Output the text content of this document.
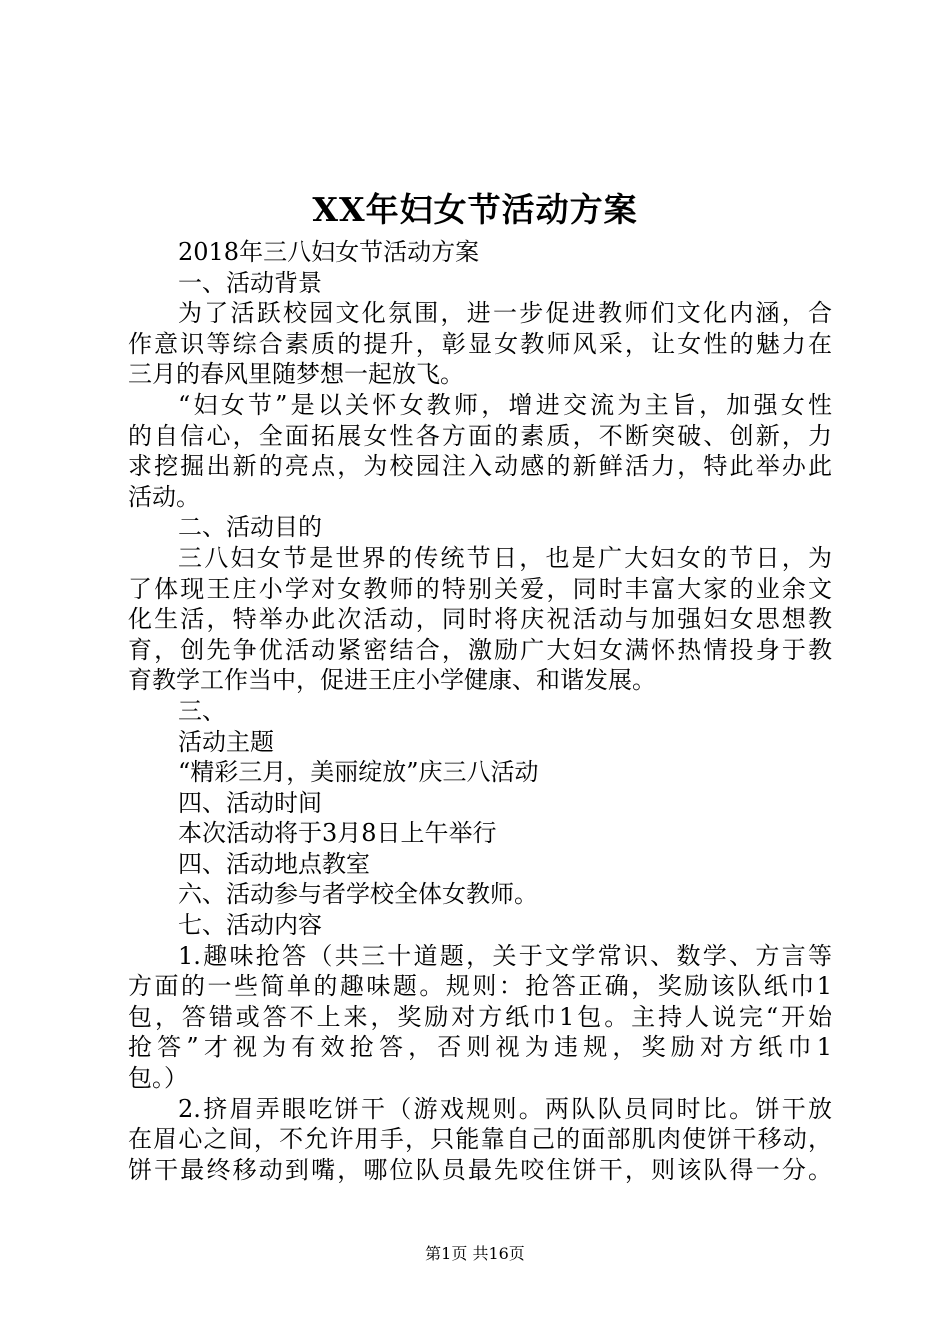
XX年妇女节活动方案
2018年三八妇女节活动方案
一、活动背景
为了活跃校园文化氛围，进一步促进教师们文化内涵，合
作意识等综合素质的提升，彰显女教师风采，让女性的魅力在
三月的春风里随梦想一起放飞。
“妇女节”是以关怀女教师，增进交流为主旨，加强女性
的自信心，全面拓展女性各方面的素质，不断突破、创新，力
求挖掘出新的亮点，为校园注入动感的新鲜活力，特此举办此
活动。
二、活动目的
三八妇女节是世界的传统节日，也是广大妇女的节日，为
了体现王庄小学对女教师的特别关爱，同时丰富大家的业余文
化生活，特举办此次活动，同时将庆祝活动与加强妇女思想教
育，创先争优活动紧密结合，激励广大妇女满怀热情投身于教
育教学工作当中，促进王庄小学健康、和谐发展。
三、
活动主题
“精彩三月，美丽绽放”庆三八活动
四、活动时间
本次活动将于3月8日上午举行
四、活动地点教室
六、活动参与者学校全体女教师。
七、活动内容
1.趣味抢答（共三十道题，关于文学常识、数学、方言等
方面的一些简单的趣味题。规则：抢答正确，奖励该队纸巾1
包，答错或答不上来，奖励对方纸巾1包。主持人说完“开始
抢答”才视为有效抢答，否则视为违规，奖励对方纸巾1
包。）
2.挤眉弄眼吃饼干（游戏规则。两队队员同时比。饼干放
在眉心之间，不允许用手，只能靠自己的面部肌肉使饼干移动，
饼干最终移动到嘴，哪位队员最先咬住饼干，则该队得一分。
第1页 共16页
